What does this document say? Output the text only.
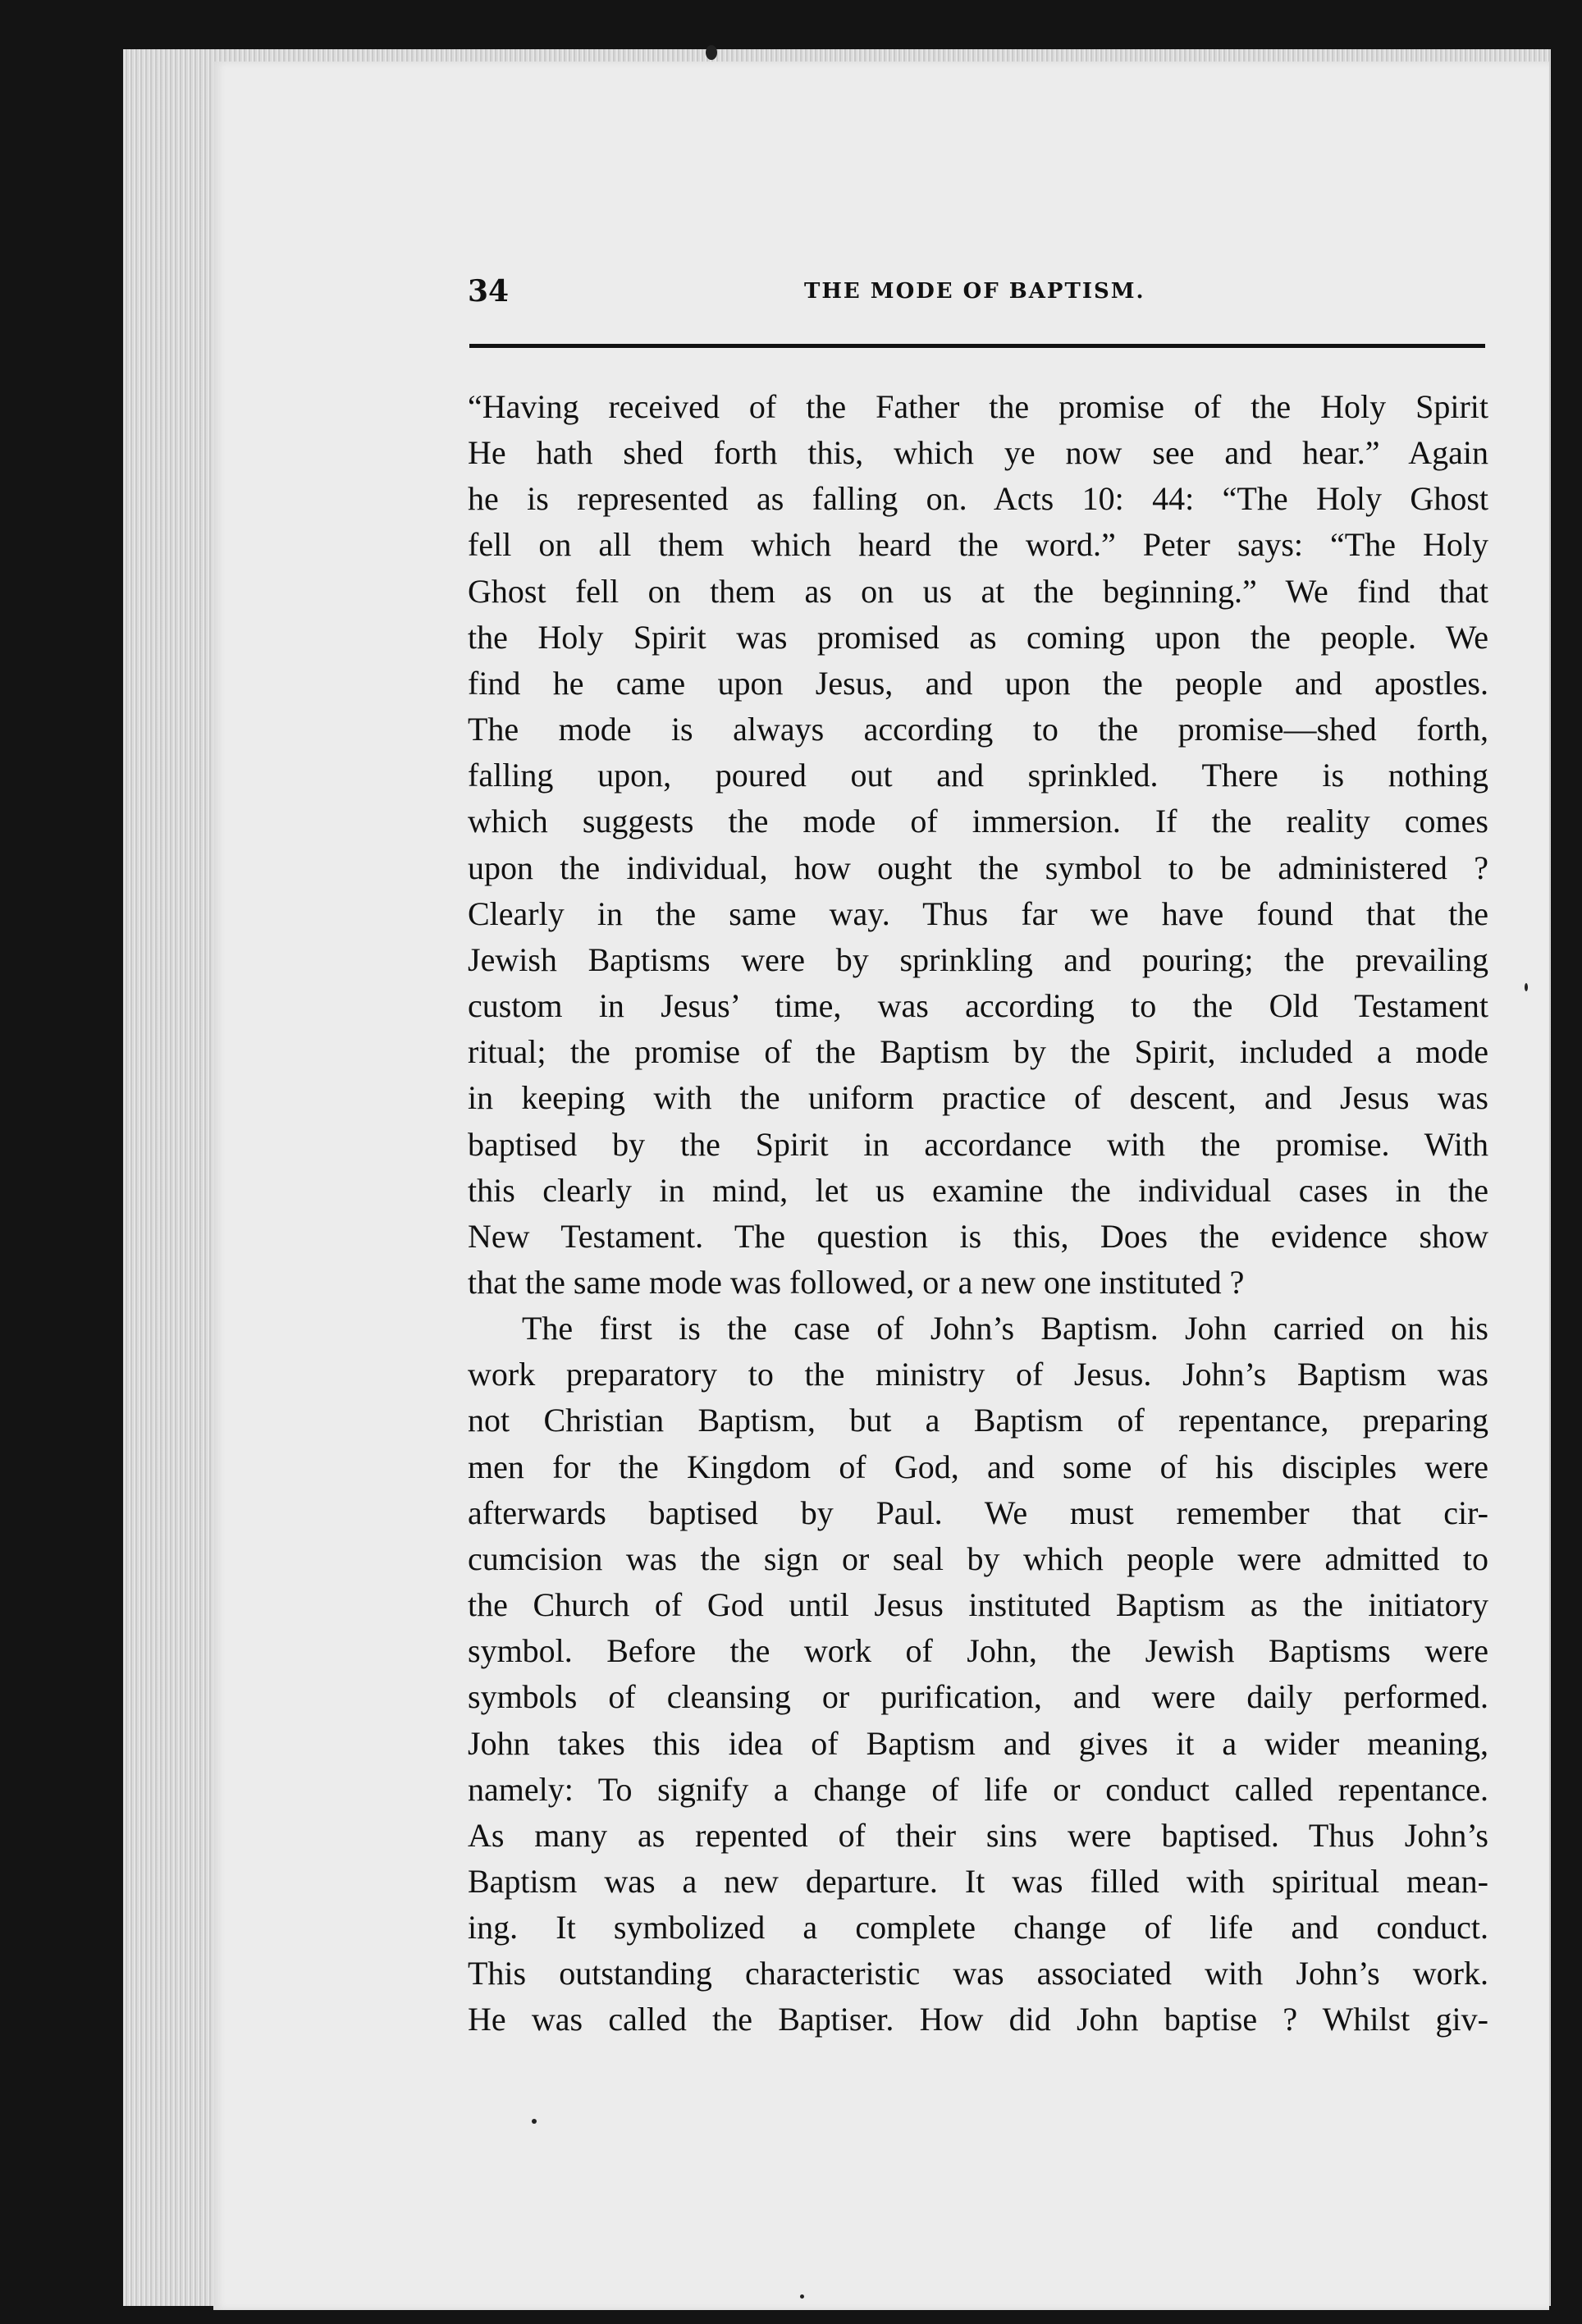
34	THE MODE OF BAPTISM.
“Having received of the Father the promise of the Holy Spirit
He hath shed forth this, which ye now see and hear.” Again
he is represented as falling on. Acts 10: 44: “The Holy Ghost
fell on all them which heard the word.” Peter says: “The Holy
Ghost fell on them as on us at the beginning.” We find that
the Holy Spirit was promised as coming upon the people. We
find he came upon Jesus, and upon the people and apostles.
The mode is always according to the promise—shed forth,
falling upon, poured out and sprinkled. There is nothing
which suggests the mode of immersion. If the reality comes
upon the individual, how ought the symbol to be administered ?
Clearly in the same way. Thus far we have found that the
Jewish Baptisms were by sprinkling and pouring; the prevailing
custom in Jesus’ time, was according to the Old Testament
ritual; the promise of the Baptism by the Spirit, included a mode
in keeping with the uniform practice of descent, and Jesus was
baptised by the Spirit in accordance with the promise. With
this clearly in mind, let us examine the individual cases in the
New Testament. The question is this, Does the evidence show
that the same mode was followed, or a new one instituted ?
The first is the case of John’s Baptism. John carried on his
work preparatory to the ministry of Jesus. John’s Baptism was
not Christian Baptism, but a Baptism of repentance, preparing
men for the Kingdom of God, and some of his disciples were
afterwards baptised by Paul. We must remember that cir-
cumcision was the sign or seal by which people were admitted to
the Church of God until Jesus instituted Baptism as the initiatory
symbol. Before the work of John, the Jewish Baptisms were
symbols of cleansing or purification, and were daily performed.
John takes this idea of Baptism and gives it a wider meaning,
namely: To signify a change of life or conduct called repentance.
As many as repented of their sins were baptised. Thus John’s
Baptism was a new departure. It was filled with spiritual mean-
ing. It symbolized a complete change of life and conduct.
This outstanding characteristic was associated with John’s work.
He was called the Baptiser. How did John baptise ? Whilst giv-
